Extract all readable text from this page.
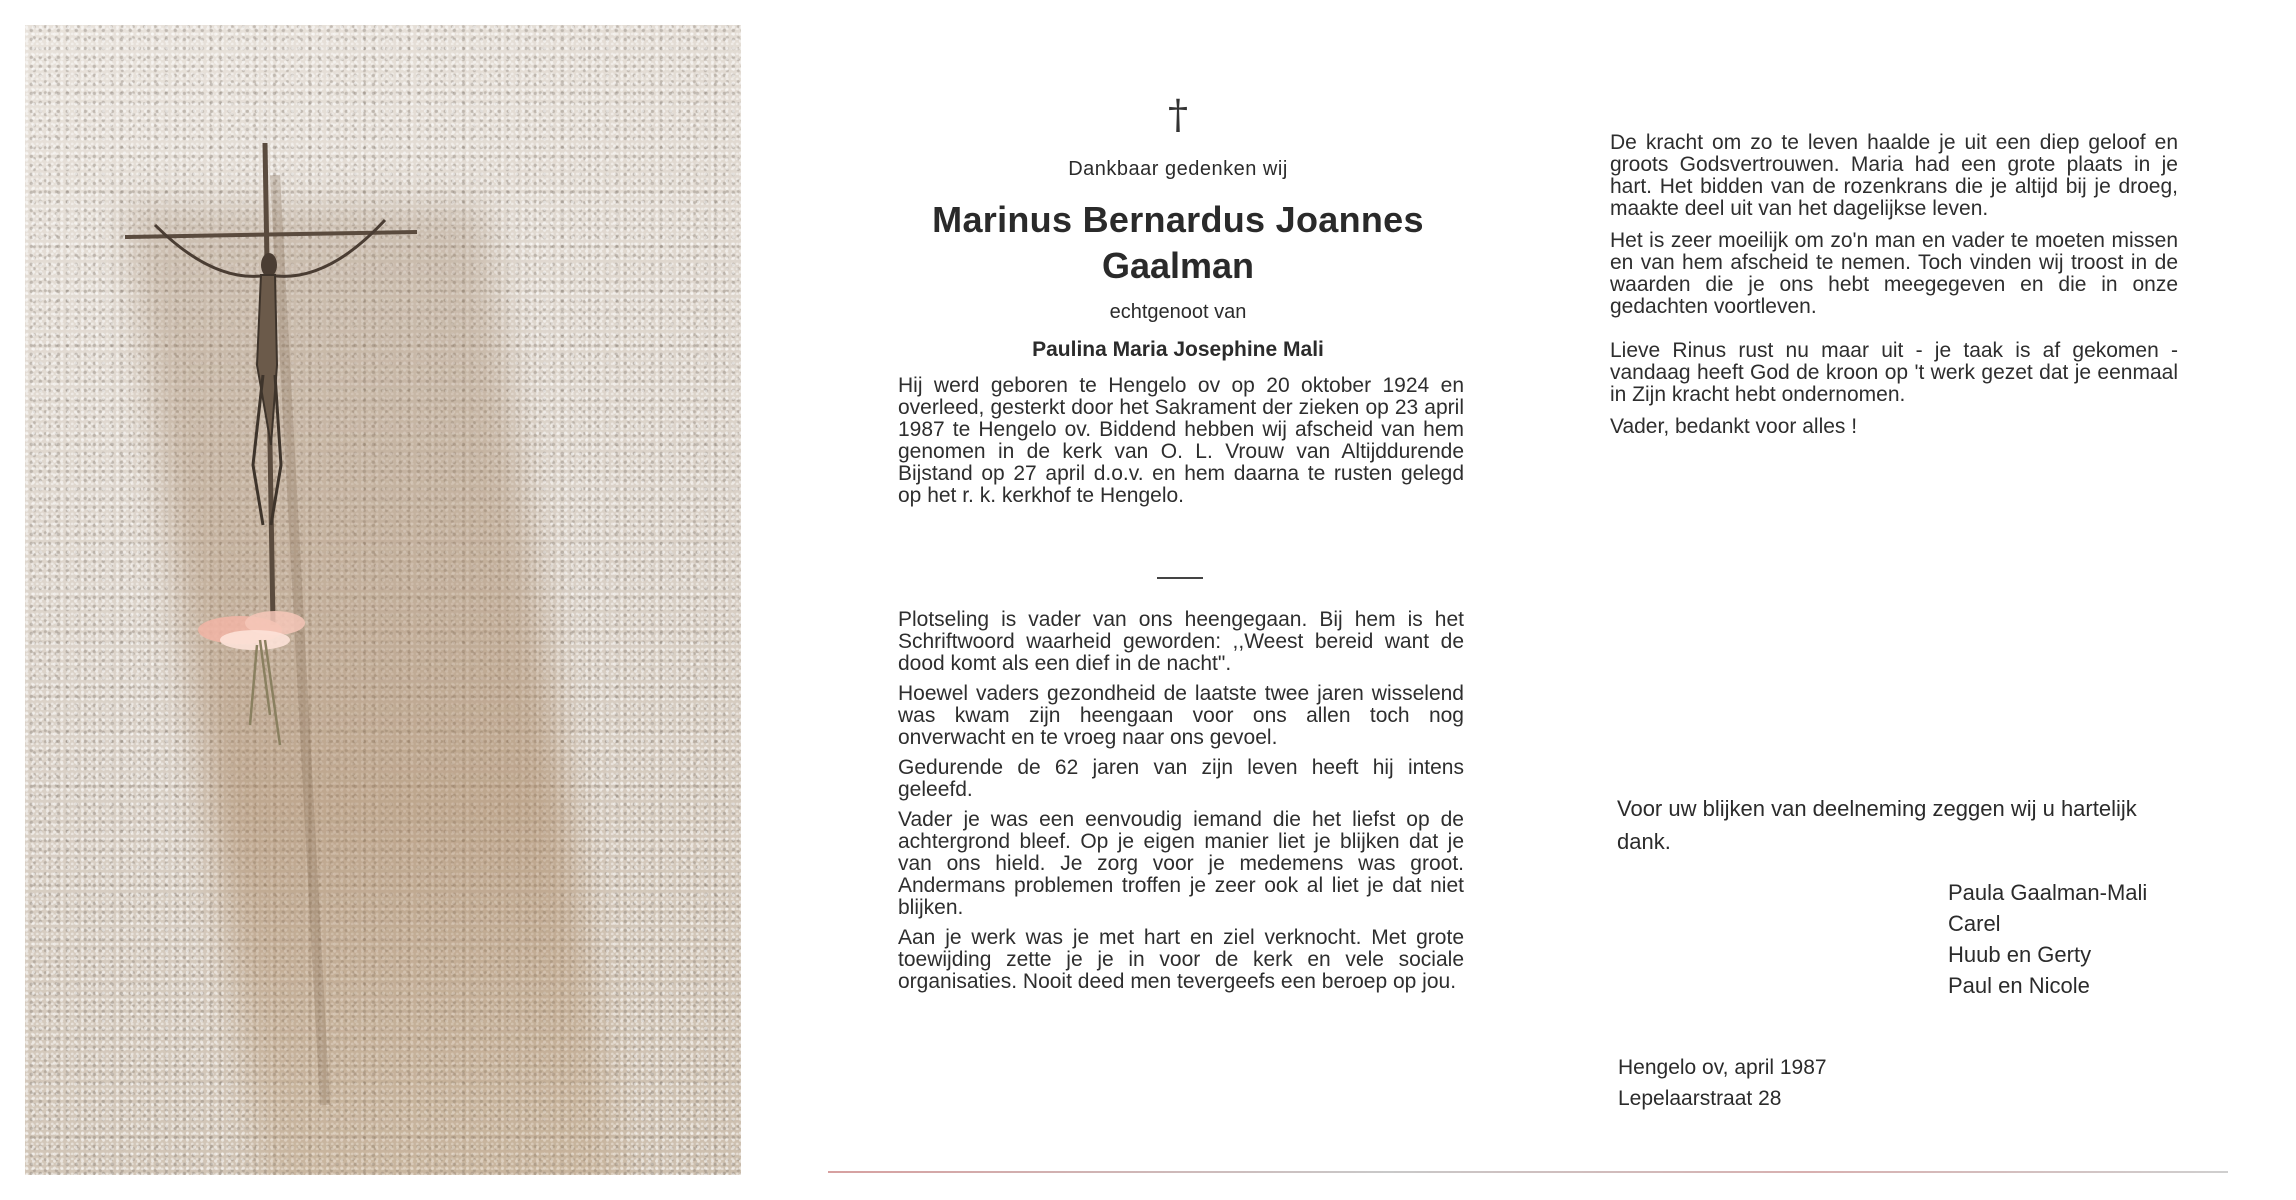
†
Dankbaar gedenken wij
Marinus Bernardus Joannes
Gaalman
echtgenoot van
Paulina Maria Josephine Mali

Hij werd geboren te Hengelo ov op 20 oktober 1924 en overleed, gesterkt door het Sakrament der zieken op 23 april 1987 te Hengelo ov. Biddend hebben wij afscheid van hem genomen in de kerk van O. L. Vrouw van Altijddurende Bijstand op 27 april d.o.v. en hem daarna te rusten gelegd op het r. k. kerkhof te Hengelo.

Plotseling is vader van ons heengegaan. Bij hem is het Schriftwoord waarheid geworden: ,,Weest bereid want de dood komt als een dief in de nacht".

Hoewel vaders gezondheid de laatste twee jaren wisselend was kwam zijn heengaan voor ons allen toch nog onverwacht en te vroeg naar ons gevoel.

Gedurende de 62 jaren van zijn leven heeft hij intens geleefd.

Vader je was een eenvoudig iemand die het liefst op de achtergrond bleef. Op je eigen manier liet je blijken dat je van ons hield. Je zorg voor je medemens was groot. Andermans problemen troffen je zeer ook al liet je dat niet blijken.

Aan je werk was je met hart en ziel verknocht. Met grote toewijding zette je je in voor de kerk en vele sociale organisaties. Nooit deed men tevergeefs een beroep op jou.

De kracht om zo te leven haalde je uit een diep geloof en groots Godsvertrouwen. Maria had een grote plaats in je hart. Het bidden van de rozenkrans die je altijd bij je droeg, maakte deel uit van het dagelijkse leven.

Het is zeer moeilijk om zo'n man en vader te moeten missen en van hem afscheid te nemen. Toch vinden wij troost in de waarden die je ons hebt meegegeven en die in onze gedachten voortleven.

Lieve Rinus rust nu maar uit - je taak is af gekomen - vandaag heeft God de kroon op 't werk gezet dat je eenmaal in Zijn kracht hebt ondernomen.

Vader, bedankt voor alles !

Voor uw blijken van deelneming zeggen wij u hartelijk dank.
Paula Gaalman-Mali
Carel
Huub en Gerty
Paul en Nicole
Hengelo ov, april 1987
Lepelaarstraat 28
